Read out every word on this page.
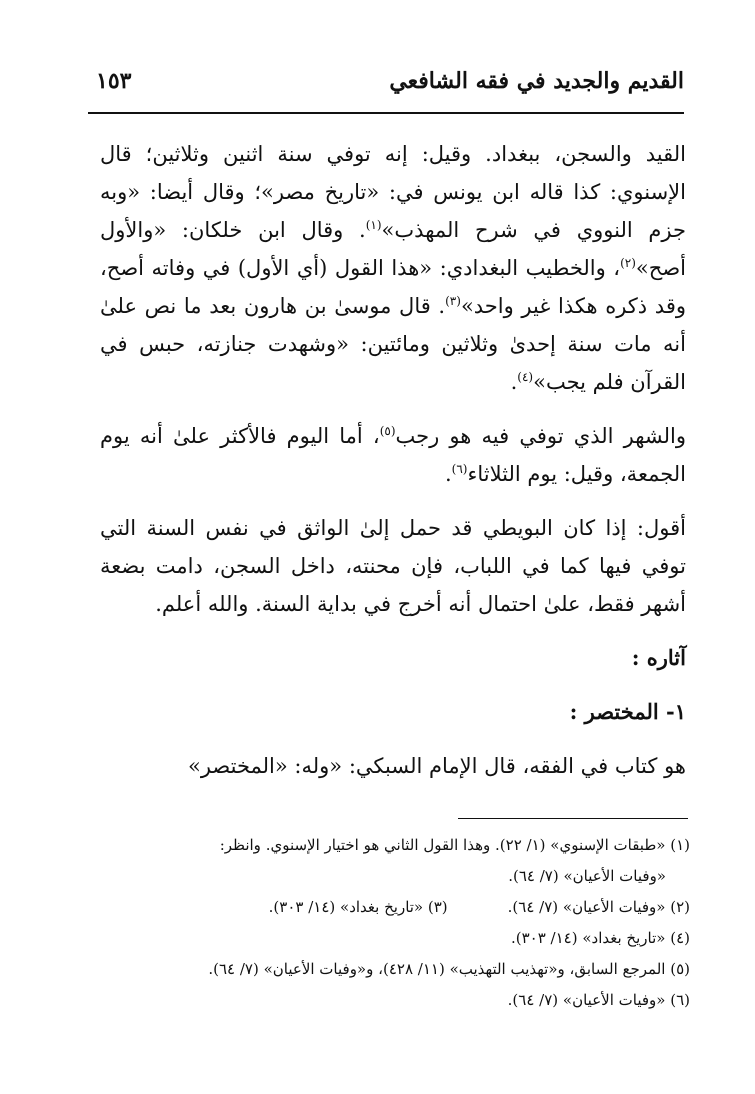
القديم والجديد في فقه الشافعي
١٥٣

القيد والسجن، ببغداد. وقيل: إنه توفي سنة اثنين وثلاثين؛ قال الإسنوي: كذا قاله ابن يونس في: «تاريخ مصر»؛ وقال أيضا: «وبه جزم النووي في شرح المهذب»$^{(١)}$. وقال ابن خلكان: «والأول أصح»$^{(٢)}$، والخطيب البغدادي: «هذا القول (أي الأول) في وفاته أصح، وقد ذكره هكذا غير واحد»$^{(٣)}$. قال موسىٰ بن هارون بعد ما نص علىٰ أنه مات سنة إحدىٰ وثلاثين ومائتين: «وشهدت جنازته، حبس في القرآن فلم يجب»$^{(٤)}$.

والشهر الذي توفي فيه هو رجب$^{(٥)}$، أما اليوم فالأكثر علىٰ أنه يوم الجمعة، وقيل: يوم الثلاثاء$^{(٦)}$.

أقول: إذا كان البويطي قد حمل إلىٰ الواثق في نفس السنة التي توفي فيها كما في اللباب، فإن محنته، داخل السجن، دامت بضعة أشهر فقط، علىٰ احتمال أنه أخرج في بداية السنة. والله أعلم.

آثاره :

١- المختصر :

هو كتاب في الفقه، قال الإمام السبكي: «وله: «المختصر»

(١) «طبقات الإسنوي» (١/ ٢٢). وهذا القول الثاني هو اختيار الإسنوي. وانظر:

«وفيات الأعيان» (٧/ ٦٤).

(٢) «وفيات الأعيان» (٧/ ٦٤).(٣) «تاريخ بغداد» (١٤/ ٣٠٣).

(٤) «تاريخ بغداد» (١٤/ ٣٠٣).

(٥) المرجع السابق، و«تهذيب التهذيب» (١١/ ٤٢٨)، و«وفيات الأعيان» (٧/ ٦٤).

(٦) «وفيات الأعيان» (٧/ ٦٤).
